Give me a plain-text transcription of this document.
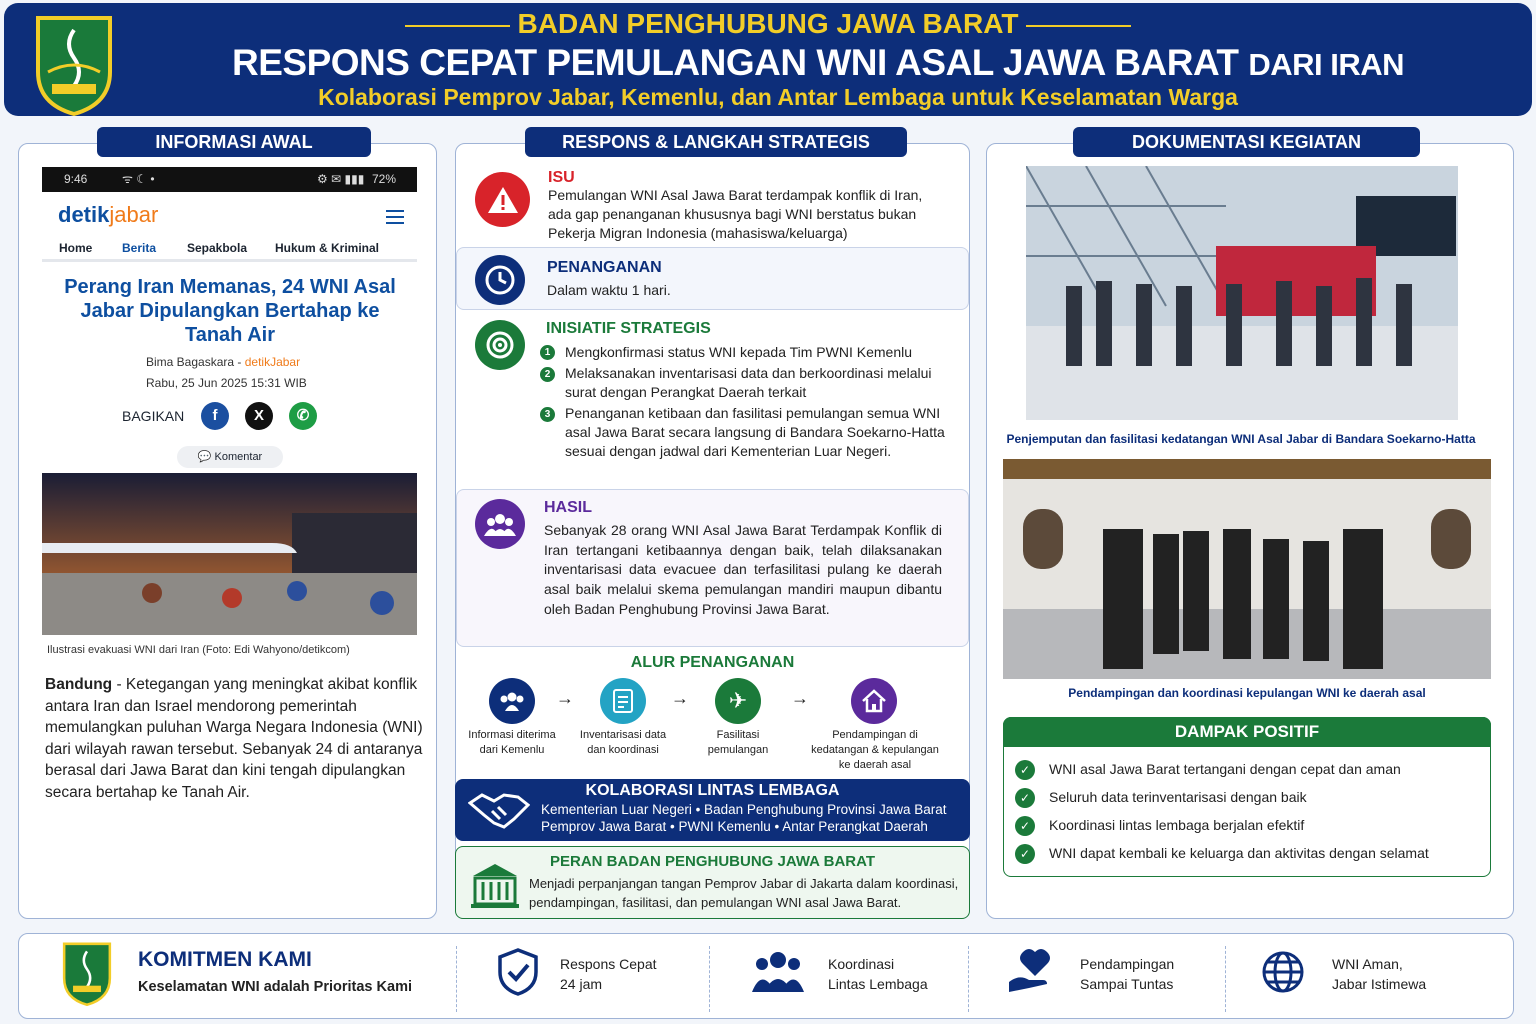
BADAN PENGHUBUNG JAWA BARAT
RESPONS CEPAT PEMULANGAN WNI ASAL JAWA BARAT DARI IRAN
Kolaborasi Pemprov Jabar, Kemenlu, dan Antar Lembaga untuk Keselamatan Warga
INFORMASI AWAL
9:46	ᯤ ☾ •	⚙ ✉ ▮▮▮ 72%
detikjabar
Home Berita	Sepakbola Hukum & Kriminal
Perang Iran Memanas, 24 WNI Asal Jabar Dipulangkan Bertahap ke Tanah Air
Bima Bagaskara - detikJabar
Rabu, 25 Jun 2025 15:31 WIB
BAGIKAN	f	X	✆
💬 Komentar
Ilustrasi evakuasi WNI dari Iran (Foto: Edi Wahyono/detikcom)
Bandung - Ketegangan yang meningkat akibat konflik antara Iran dan Israel mendorong pemerintah memulangkan puluhan Warga Negara Indonesia (WNI) dari wilayah rawan tersebut. Sebanyak 24 di antaranya berasal dari Jawa Barat dan kini tengah dipulangkan secara bertahap ke Tanah Air.
RESPONS & LANGKAH STRATEGIS
ISU
Pemulangan WNI Asal Jawa Barat terdampak konflik di Iran, ada gap penanganan khususnya bagi WNI berstatus bukan Pekerja Migran Indonesia (mahasiswa/keluarga)
PENANGANAN
Dalam waktu 1 hari.
INISIATIF STRATEGIS
1	Mengkonfirmasi status WNI kepada Tim PWNI Kemenlu
2	Melaksanakan inventarisasi data dan berkoordinasi melalui surat dengan Perangkat Daerah terkait
3	Penanganan ketibaan dan fasilitasi pemulangan semua WNI asal Jawa Barat secara langsung di Bandara Soekarno-Hatta sesuai dengan jadwal dari Kementerian Luar Negeri.
HASIL
Sebanyak 28 orang WNI Asal Jawa Barat Terdampak Konflik di Iran tertangani ketibaannya dengan baik, telah dilaksanakan inventarisasi data evacuee dan terfasilitasi pulang ke daerah asal baik melalui skema pemulangan mandiri maupun dibantu oleh Badan Penghubung Provinsi Jawa Barat.
ALUR PENANGANAN
✈
→	→	→
Informasi diterima
dari Kemenlu
Inventarisasi data
dan koordinasi
Fasilitasi
pemulangan
Pendampingan di
kedatangan & kepulangan
ke daerah asal
KOLABORASI LINTAS LEMBAGA
Kementerian Luar Negeri • Badan Penghubung Provinsi Jawa Barat
Pemprov Jawa Barat • PWNI Kemenlu • Antar Perangkat Daerah
PERAN BADAN PENGHUBUNG JAWA BARAT
Menjadi perpanjangan tangan Pemprov Jabar di Jakarta dalam koordinasi, pendampingan, fasilitasi, dan pemulangan WNI asal Jawa Barat.
DOKUMENTASI KEGIATAN
Penjemputan dan fasilitasi kedatangan WNI Asal Jabar di Bandara Soekarno-Hatta
Pendampingan dan koordinasi kepulangan WNI ke daerah asal
DAMPAK POSITIF
✓ WNI asal Jawa Barat tertangani dengan cepat dan aman
✓ Seluruh data terinventarisasi dengan baik
✓ Koordinasi lintas lembaga berjalan efektif
✓ WNI dapat kembali ke keluarga dan aktivitas dengan selamat
KOMITMEN KAMI
Keselamatan WNI adalah Prioritas Kami
Respons Cepat
24 jam
Koordinasi
Lintas Lembaga
Pendampingan
Sampai Tuntas
WNI Aman,
Jabar Istimewa
